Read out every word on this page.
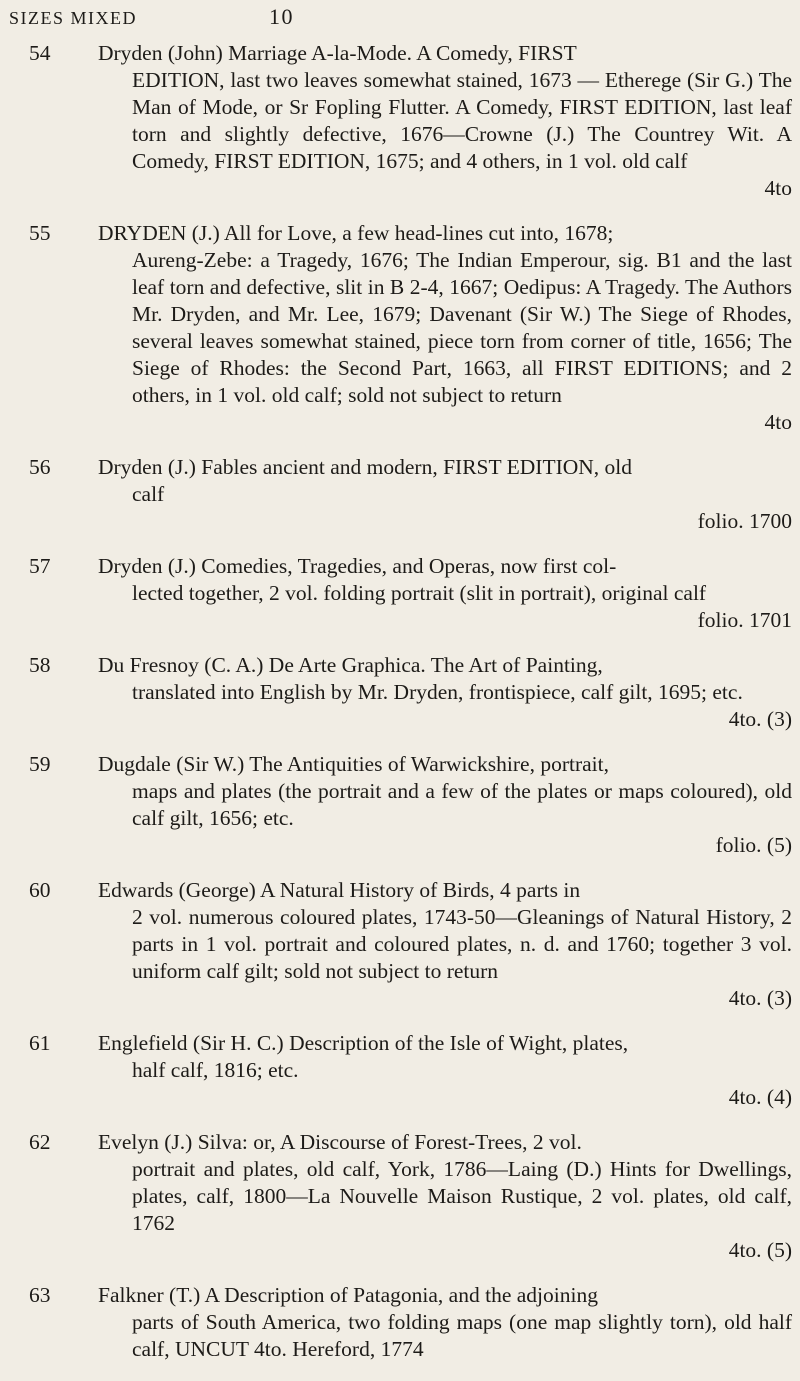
SIZES MIXED	10
54 Dryden (John) Marriage A-la-Mode. A Comedy, FIRST
EDITION, last two leaves somewhat stained, 1673 — Etherege (Sir G.) The Man of Mode, or Sr Fopling Flutter. A Comedy, FIRST EDITION, last leaf torn and slightly defective, 1676—Crowne (J.) The Countrey Wit. A Comedy, FIRST EDITION, 1675; and 4 others, in 1 vol. old calf
4to
55 DRYDEN (J.) All for Love, a few head-lines cut into, 1678;
Aureng-Zebe: a Tragedy, 1676; The Indian Emperour, sig. B1 and the last leaf torn and defective, slit in B 2-4, 1667; Oedipus: A Tragedy. The Authors Mr. Dryden, and Mr. Lee, 1679; Davenant (Sir W.) The Siege of Rhodes, several leaves somewhat stained, piece torn from corner of title, 1656; The Siege of Rhodes: the Second Part, 1663, all FIRST EDITIONS; and 2 others, in 1 vol. old calf; sold not subject to return
4to
56 Dryden (J.) Fables ancient and modern, FIRST EDITION, old
calf
folio. 1700
57 Dryden (J.) Comedies, Tragedies, and Operas, now first col-
lected together, 2 vol. folding portrait (slit in portrait), original calf
folio. 1701
58 Du Fresnoy (C. A.) De Arte Graphica. The Art of Painting,
translated into English by Mr. Dryden, frontispiece, calf gilt, 1695; etc.
4to. (3)
59 Dugdale (Sir W.) The Antiquities of Warwickshire, portrait,
maps and plates (the portrait and a few of the plates or maps coloured), old calf gilt, 1656; etc.
folio. (5)
60 Edwards (George) A Natural History of Birds, 4 parts in
2 vol. numerous coloured plates, 1743-50—Gleanings of Natural History, 2 parts in 1 vol. portrait and coloured plates, n. d. and 1760; together 3 vol. uniform calf gilt; sold not subject to return
4to. (3)
61 Englefield (Sir H. C.) Description of the Isle of Wight, plates,
half calf, 1816; etc.
4to. (4)
62 Evelyn (J.) Silva: or, A Discourse of Forest-Trees, 2 vol.
portrait and plates, old calf, York, 1786—Laing (D.) Hints for Dwellings, plates, calf, 1800—La Nouvelle Maison Rustique, 2 vol. plates, old calf, 1762
4to. (5)
63 Falkner (T.) A Description of Patagonia, and the adjoining
parts of South America, two folding maps (one map slightly torn), old half calf, UNCUT 4to. Hereford, 1774
